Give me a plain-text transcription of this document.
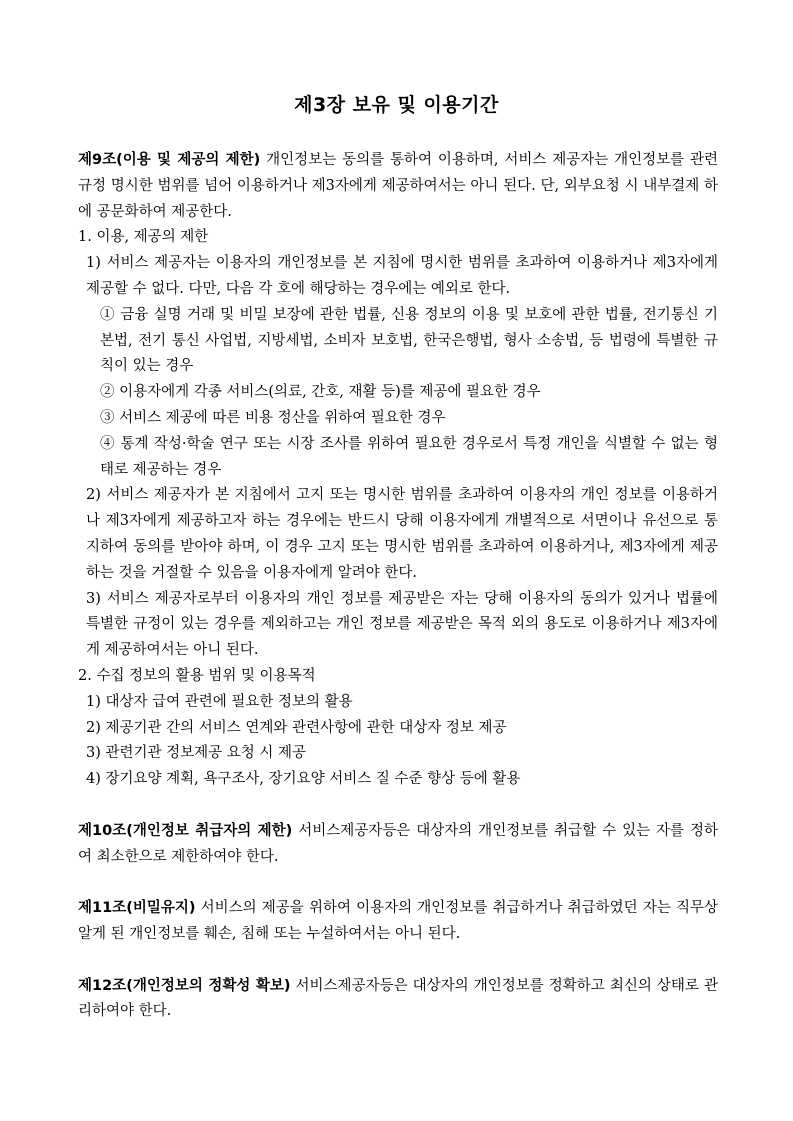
제3장 보유 및 이용기간

제9조(이용 및 제공의 제한) 개인정보는 동의를 통하여 이용하며, 서비스 제공자는 개인정보를 관련 규정 명시한 범위를 넘어 이용하거나 제3자에게 제공하여서는 아니 된다. 단, 외부요청 시 내부결제 하에 공문화하여 제공한다.

1. 이용, 제공의 제한

1) 서비스 제공자는 이용자의 개인정보를 본 지침에 명시한 범위를 초과하여 이용하거나 제3자에게 제공할 수 없다. 다만, 다음 각 호에 해당하는 경우에는 예외로 한다.

① 금융 실명 거래 및 비밀 보장에 관한 법률, 신용 정보의 이용 및 보호에 관한 법률, 전기통신 기본법, 전기 통신 사업법, 지방세법, 소비자 보호법, 한국은행법, 형사 소송법, 등 법령에 특별한 규칙이 있는 경우

② 이용자에게 각종 서비스(의료, 간호, 재활 등)를 제공에 필요한 경우

③ 서비스 제공에 따른 비용 정산을 위하여 필요한 경우

④ 통계 작성·학술 연구 또는 시장 조사를 위하여 필요한 경우로서 특정 개인을 식별할 수 없는 형태로 제공하는 경우

2) 서비스 제공자가 본 지침에서 고지 또는 명시한 범위를 초과하여 이용자의 개인 정보를 이용하거나 제3자에게 제공하고자 하는 경우에는 반드시 당해 이용자에게 개별적으로 서면이나 유선으로 통지하여 동의를 받아야 하며, 이 경우 고지 또는 명시한 범위를 초과하여 이용하거나, 제3자에게 제공하는 것을 거절할 수 있음을 이용자에게 알려야 한다.

3) 서비스 제공자로부터 이용자의 개인 정보를 제공받은 자는 당해 이용자의 동의가 있거나 법률에 특별한 규정이 있는 경우를 제외하고는 개인 정보를 제공받은 목적 외의 용도로 이용하거나 제3자에게 제공하여서는 아니 된다.

2. 수집 정보의 활용 범위 및 이용목적

1) 대상자 급여 관련에 필요한 정보의 활용

2) 제공기관 간의 서비스 연계와 관련사항에 관한 대상자 정보 제공

3) 관련기관 정보제공 요청 시 제공

4) 장기요양 계획, 욕구조사, 장기요양 서비스 질 수준 향상 등에 활용

제10조(개인정보 취급자의 제한) 서비스제공자등은 대상자의 개인정보를 취급할 수 있는 자를 정하여 최소한으로 제한하여야 한다.

제11조(비밀유지) 서비스의 제공을 위하여 이용자의 개인정보를 취급하거나 취급하였던 자는 직무상 알게 된 개인정보를 훼손, 침해 또는 누설하여서는 아니 된다.

제12조(개인정보의 정확성 확보) 서비스제공자등은 대상자의 개인정보를 정확하고 최신의 상태로 관리하여야 한다.
